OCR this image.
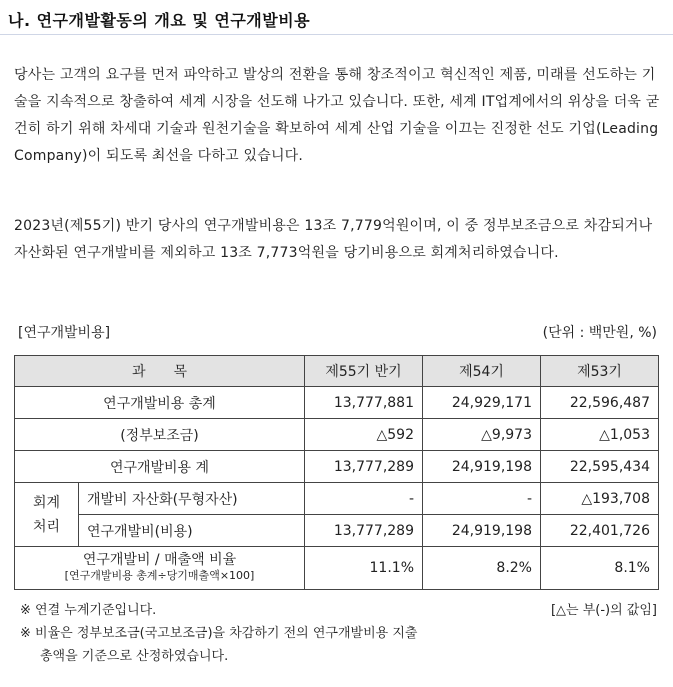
나. 연구개발활동의 개요 및 연구개발비용
당사는 고객의 요구를 먼저 파악하고 발상의 전환을 통해 창조적이고 혁신적인 제품, 미래를 선도하는 기술을 지속적으로 창출하여 세계 시장을 선도해 나가고 있습니다. 또한, 세계 IT업계에서의 위상을 더욱 굳건히 하기 위해 차세대 기술과 원천기술을 확보하여 세계 산업 기술을 이끄는 진정한 선도 기업(Leading Company)이 되도록 최선을 다하고 있습니다.
2023년(제55기) 반기 당사의 연구개발비용은 13조 7,779억원이며, 이 중 정부보조금으로 차감되거나 자산화된 연구개발비를 제외하고 13조 7,773억원을 당기비용으로 회계처리하였습니다.
[연구개발비용]	(단위 : 백만원, %)
과　　목		제55기 반기	제54기	제53기
연구개발비용 총계		13,777,881	24,929,171	22,596,487
(정부보조금)		△592	△9,973	△1,053
연구개발비용 계		13,777,289	24,919,198	22,595,434
회계
처리	개발비 자산화(무형자산)	-	-	△193,708
	연구개발비(비용)	13,777,289	24,919,198	22,401,726

연구개발비 / 매출액 비율
[연구개발비용 총계÷당기매출액×100]		11.1%	8.2%	8.1%
※ 연결 누계기준입니다.	[△는 부(-)의 값임]
※ 비율은 정부보조금(국고보조금)을 차감하기 전의 연구개발비용 지출
총액을 기준으로 산정하였습니다.
